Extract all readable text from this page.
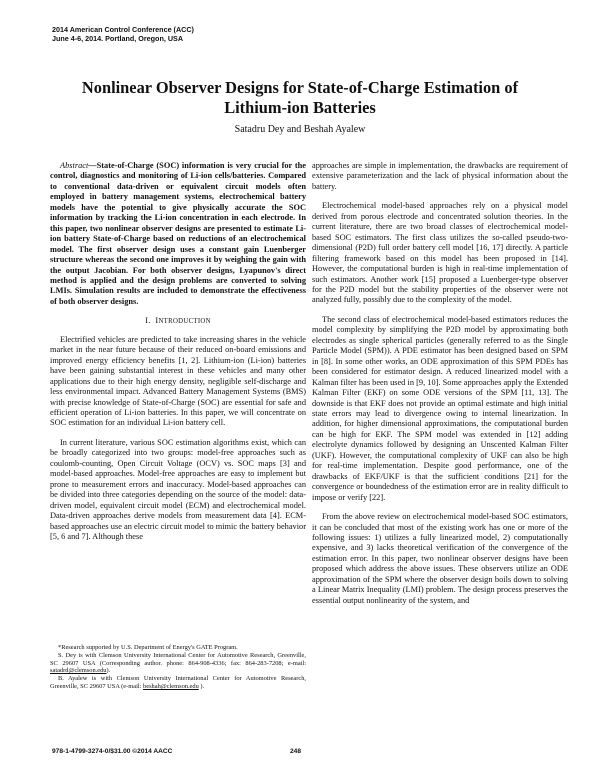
2014 American Control Conference (ACC)
June 4-6, 2014. Portland, Oregon, USA
Nonlinear Observer Designs for State-of-Charge Estimation of
Lithium-ion Batteries
Satadru Dey and Beshah Ayalew

Abstract—State-of-Charge (SOC) information is very crucial for the control, diagnostics and monitoring of Li-ion cells/batteries. Compared to conventional data-driven or equivalent circuit models often employed in battery management systems, electrochemical battery models have the potential to give physically accurate the SOC information by tracking the Li-ion concentration in each electrode. In this paper, two nonlinear observer designs are presented to estimate Li-ion battery State-of-Charge based on reductions of an electrochemical model. The first observer design uses a constant gain Luenberger structure whereas the second one improves it by weighing the gain with the output Jacobian. For both observer designs, Lyapunov's direct method is applied and the design problems are converted to solving LMIs. Simulation results are included to demonstrate the effectiveness of both observer designs.

I. INTRODUCTION

Electrified vehicles are predicted to take increasing shares in the vehicle market in the near future because of their reduced on-board emissions and improved energy efficiency benefits [1, 2]. Lithium-ion (Li-ion) batteries have been gaining substantial interest in these vehicles and many other applications due to their high energy density, negligible self-discharge and less environmental impact. Advanced Battery Management Systems (BMS) with precise knowledge of State-of-Charge (SOC) are essential for safe and efficient operation of Li-ion batteries. In this paper, we will concentrate on SOC estimation for an individual Li-ion battery cell.

In current literature, various SOC estimation algorithms exist, which can be broadly categorized into two groups: model-free approaches such as coulomb-counting, Open Circuit Voltage (OCV) vs. SOC maps [3] and model-based approaches. Model-free approaches are easy to implement but prone to measurement errors and inaccuracy. Model-based approaches can be divided into three categories depending on the source of the model: data-driven model, equivalent circuit model (ECM) and electrochemical model. Data-driven approaches derive models from measurement data [4]. ECM-based approaches use an electric circuit model to mimic the battery behavior [5, 6 and 7]. Although these

*Research supported by U.S. Department of Energy's GATE Program.

S. Dey is with Clemson University International Center for Automotive Research, Greenville, SC 29607 USA (Corresponding author. phone: 864-908-4336; fax: 864-283-7208; e-mail: satadrd@clemson.edu).

B. Ayalew is with Clemson University International Center for Automotive Research, Greenville, SC 29607 USA (e-mail: beshah@clemson.edu ).

approaches are simple in implementation, the drawbacks are requirement of extensive parameterization and the lack of physical information about the battery.

Electrochemical model-based approaches rely on a physical model derived from porous electrode and concentrated solution theories. In the current literature, there are two broad classes of electrochemical model-based SOC estimators. The first class utilizes the so-called pseudo-two-dimensional (P2D) full order battery cell model [16, 17] directly. A particle filtering framework based on this model has been proposed in [14]. However, the computational burden is high in real-time implementation of such estimators. Another work [15] proposed a Luenberger-type observer for the P2D model but the stability properties of the observer were not analyzed fully, possibly due to the complexity of the model.

The second class of electrochemical model-based estimators reduces the model complexity by simplifying the P2D model by approximating both electrodes as single spherical particles (generally referred to as the Single Particle Model (SPM)). A PDE estimator has been designed based on SPM in [8]. In some other works, an ODE approximation of this SPM PDEs has been considered for estimator design. A reduced linearized model with a Kalman filter has been used in [9, 10]. Some approaches apply the Extended Kalman Filter (EKF) on some ODE versions of the SPM [11, 13]. The downside is that EKF does not provide an optimal estimate and high initial state errors may lead to divergence owing to internal linearization. In addition, for higher dimensional approximations, the computational burden can be high for EKF. The SPM model was extended in [12] adding electrolyte dynamics followed by designing an Unscented Kalman Filter (UKF). However, the computational complexity of UKF can also be high for real-time implementation. Despite good performance, one of the drawbacks of EKF/UKF is that the sufficient conditions [21] for the convergence or boundedness of the estimation error are in reality difficult to impose or verify [22].

From the above review on electrochemical model-based SOC estimators, it can be concluded that most of the existing work has one or more of the following issues: 1) utilizes a fully linearized model, 2) computationally expensive, and 3) lacks theoretical verification of the convergence of the estimation error. In this paper, two nonlinear observer designs have been proposed which address the above issues. These observers utilize an ODE approximation of the SPM where the observer design boils down to solving a Linear Matrix Inequality (LMI) problem. The design process preserves the essential output nonlinearity of the system, and

978-1-4799-3274-0/$31.00 ©2014 AACC	248
